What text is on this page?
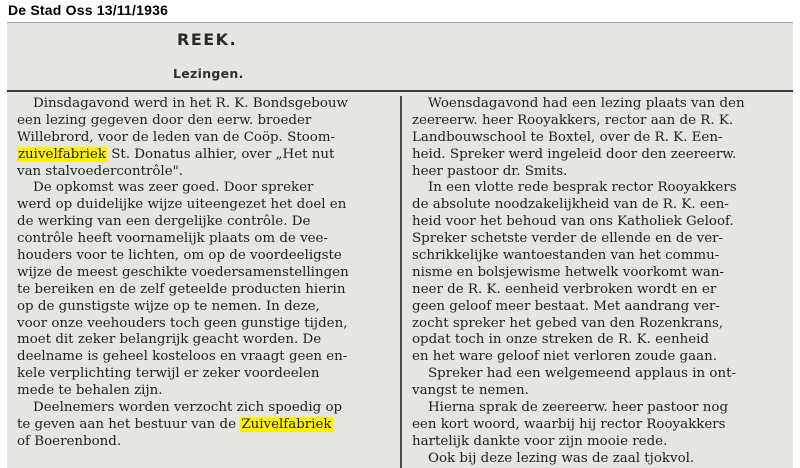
De Stad Oss 13/11/1936
REEK.
Lezingen.
Dinsdagavond werd in het R. K. Bondsgebouw
een lezing gegeven door den eerw. broeder
Willebrord, voor de leden van de Coöp. Stoom-
zuivelfabriek St. Donatus alhier, over „Het nut
van stalvoedercontrôle".
De opkomst was zeer goed. Door spreker
werd op duidelijke wijze uiteengezet het doel en
de werking van een dergelijke contrôle. De
contrôle heeft voornamelijk plaats om de vee-
houders voor te lichten, om op de voordeeligste
wijze de meest geschikte voedersamenstellingen
te bereiken en de zelf geteelde producten hierin
op de gunstigste wijze op te nemen. In deze,
voor onze veehouders toch geen gunstige tijden,
moet dit zeker belangrijk geacht worden. De
deelname is geheel kosteloos en vraagt geen en-
kele verplichting terwijl er zeker voordeelen
mede te behalen zijn.
Deelnemers worden verzocht zich spoedig op
te geven aan het bestuur van de Zuivelfabriek
of Boerenbond.
Woensdagavond had een lezing plaats van den
zeereerw. heer Rooyakkers, rector aan de R. K.
Landbouwschool te Boxtel, over de R. K. Een-
heid. Spreker werd ingeleid door den zeereerw.
heer pastoor dr. Smits.
In een vlotte rede besprak rector Rooyakkers
de absolute noodzakelijkheid van de R. K. een-
heid voor het behoud van ons Katholiek Geloof.
Spreker schetste verder de ellende en de ver-
schrikkelijke wantoestanden van het commu-
nisme en bolsjewisme hetwelk voorkomt wan-
neer de R. K. eenheid verbroken wordt en er
geen geloof meer bestaat. Met aandrang ver-
zocht spreker het gebed van den Rozenkrans,
opdat toch in onze streken de R. K. eenheid
en het ware geloof niet verloren zoude gaan.
Spreker had een welgemeend applaus in ont-
vangst te nemen.
Hierna sprak de zeereerw. heer pastoor nog
een kort woord, waarbij hij rector Rooyakkers
hartelijk dankte voor zijn mooie rede.
Ook bij deze lezing was de zaal tjokvol.
